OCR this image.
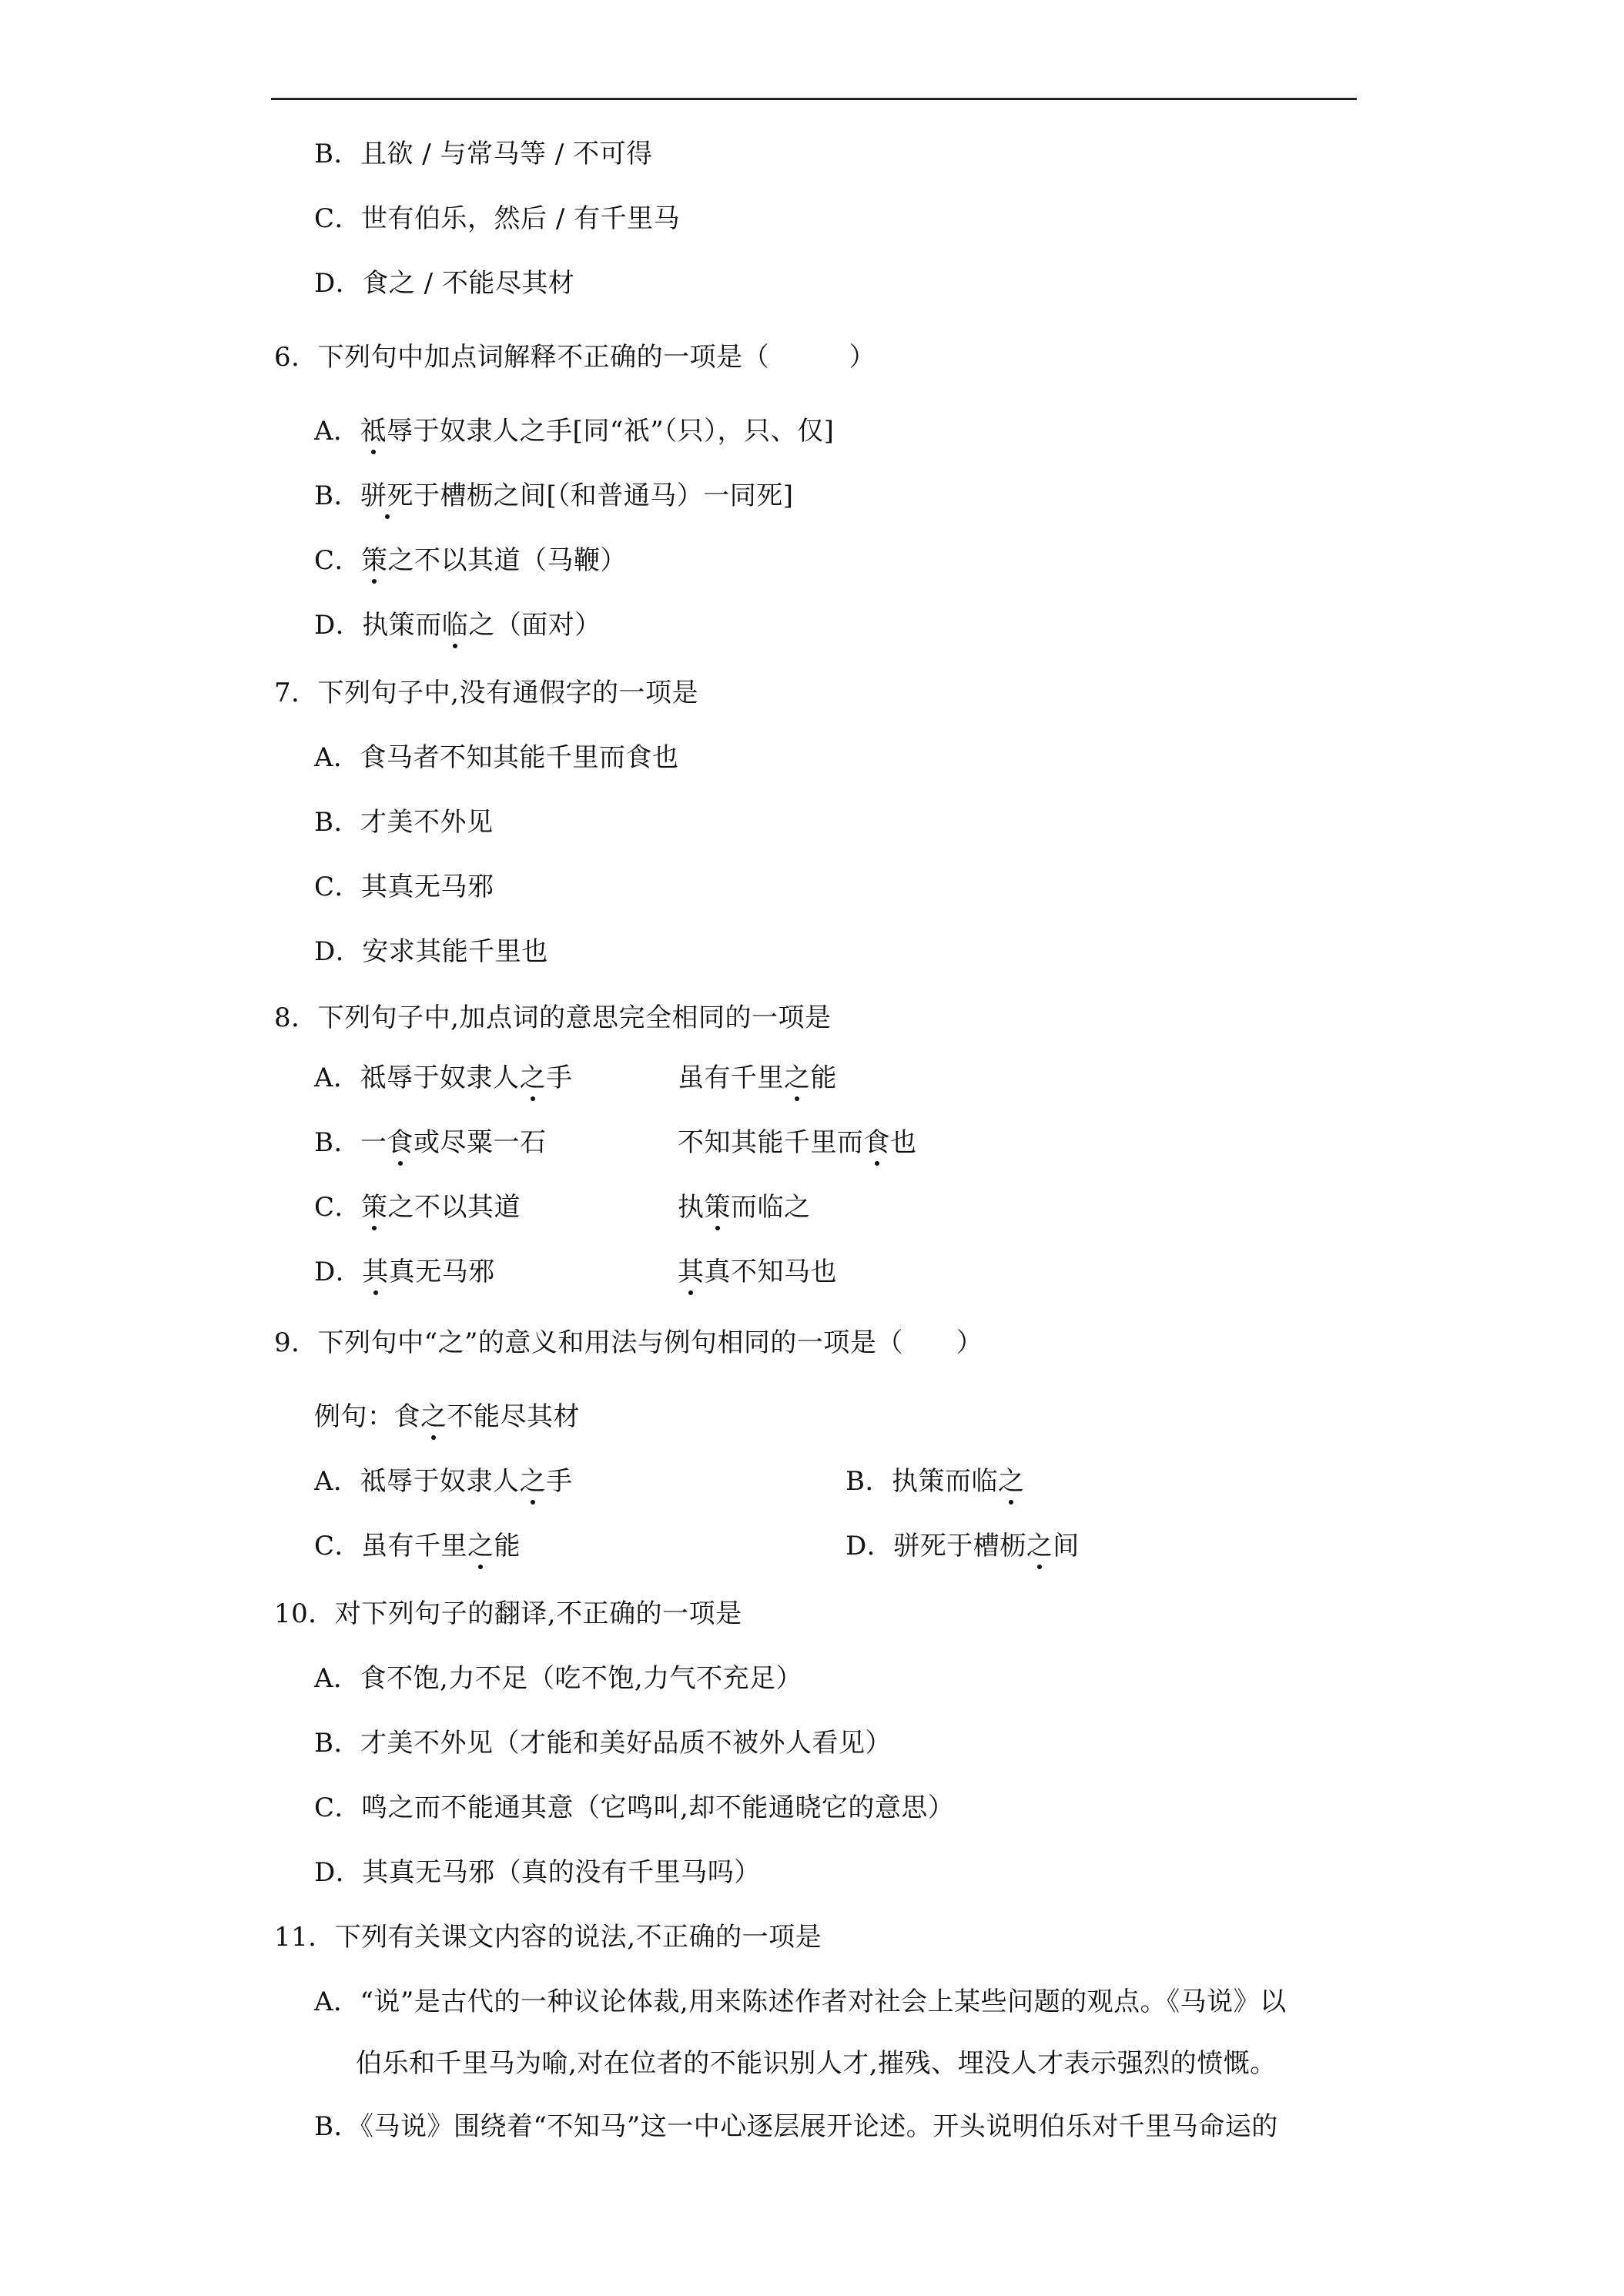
B．且欲 / 与常马等 / 不可得
C．世有伯乐，然后 / 有千里马
D．食之 / 不能尽其材
6．下列句中加点词解释不正确的一项是（　　　）
A．祗辱于奴隶人之手[同“祇”（只），只、仅]
B．骈死于槽枥之间[（和普通马）一同死]
C．策之不以其道（马鞭）
D．执策而临之（面对）
7．下列句子中,没有通假字的一项是
A．食马者不知其能千里而食也
B．才美不外见
C．其真无马邪
D．安求其能千里也
8．下列句子中,加点词的意思完全相同的一项是
A．祗辱于奴隶人之手	虽有千里之能
B．一食或尽粟一石	不知其能千里而食也
C．策之不以其道	执策而临之
D．其真无马邪	其真不知马也
9．下列句中“之”的意义和用法与例句相同的一项是（　　）
例句：食之不能尽其材
A．祗辱于奴隶人之手	B．执策而临之
C．虽有千里之能	D．骈死于槽枥之间
10．对下列句子的翻译,不正确的一项是
A．食不饱,力不足（吃不饱,力气不充足）
B．才美不外见（才能和美好品质不被外人看见）
C．鸣之而不能通其意（它鸣叫,却不能通晓它的意思）
D．其真无马邪（真的没有千里马吗）
11．下列有关课文内容的说法,不正确的一项是
A．“说”是古代的一种议论体裁,用来陈述作者对社会上某些问题的观点。《马说》以
伯乐和千里马为喻,对在位者的不能识别人才,摧残、埋没人才表示强烈的愤慨。
B．《马说》围绕着“不知马”这一中心逐层展开论述。开头说明伯乐对千里马命运的
